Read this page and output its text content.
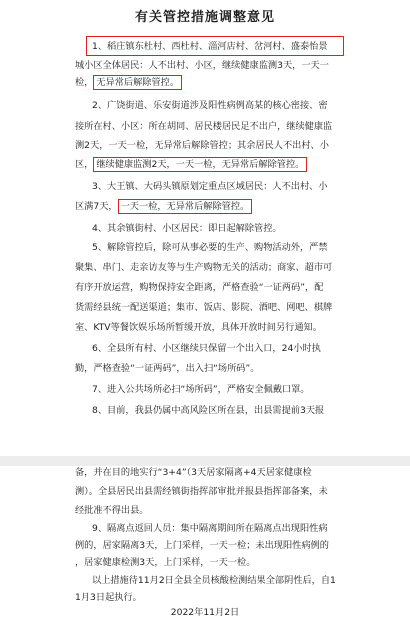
有关管控措施调整意见
1、稻庄镇东杜村、西杜村、淄河店村、岔河村、盛泰怡景
城小区全体居民：人不出村、小区，继续健康监测3天，一天一
检， 无异常后解除管控。
2、广饶街道、乐安街道涉及阳性病例高某的核心密接、密
接所在村、小区：所在胡同、居民楼居民足不出户，继续健康监
测2天，一天一检，无异常后解除管控；其余居民人不出村、小
区， 继续健康监测2天，一天一检，无异常后解除管控。
3、大王镇、大码头镇原划定重点区域居民：人不出村、小
区满7天， 一天一检，无异常后解除管控。
4、其余镇街村、小区居民：即日起解除管控。
5、解除管控后，除可从事必要的生产、购物活动外，严禁
聚集、串门、走亲访友等与生产购物无关的活动；商家、超市可
有序开放运营，购物保持安全距离，严格查验“一证两码”，配
货需经县统一配送渠道；集市、饭店、影院、酒吧、网吧、棋牌
室、KTV等餐饮娱乐场所暂缓开放，具体开放时间另行通知。
6、全县所有村、小区继续只保留一个出入口，24小时执
勤，严格查验“一证两码”，出入扫“场所码”。
7、进入公共场所必扫“场所码”，严格安全佩戴口罩。
8、目前，我县仍属中高风险区所在县，出县需提前3天报
备，并在目的地实行“3+4”（3天居家隔离+4天居家健康检
测）。全县居民出县需经镇街指挥部审批并报县指挥部备案，未
经批准不得出县。
9、隔离点返回人员：集中隔离期间所在隔离点出现阳性病
例的，居家隔离3天，上门采样，一天一检；未出现阳性病例的
，居家健康检测3天，上门采样，一天一检。
以上措施待11月2日全县全员核酸检测结果全部阴性后，自1
1月3日起执行。
2022年11月2日
